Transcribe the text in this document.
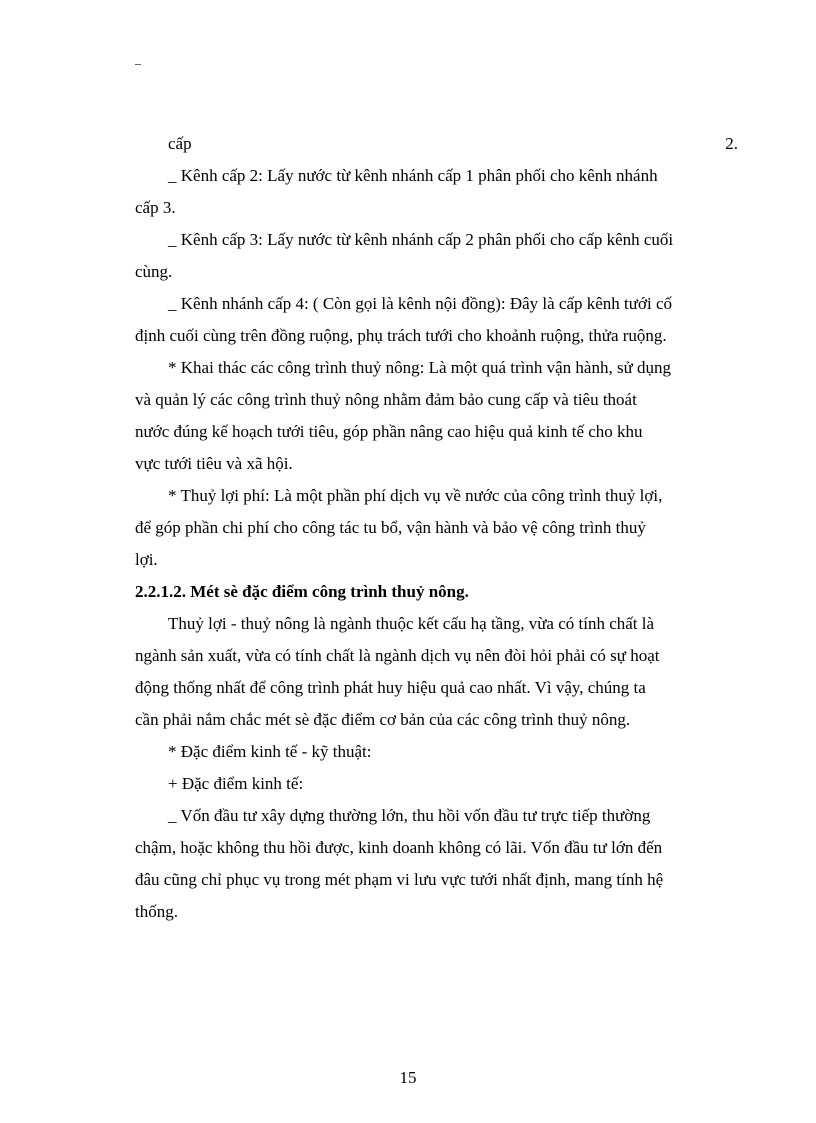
_
cấp	2.
_ Kênh cấp 2: Lấy nước từ kênh nhánh cấp 1 phân phối cho kênh nhánh
cấp 3.
_ Kênh cấp 3: Lấy nước từ kênh nhánh cấp 2 phân phối cho cấp kênh cuối
cùng.
_ Kênh nhánh cấp 4: ( Còn gọi là kênh nội đồng): Đây là cấp kênh tưới cố
định cuối cùng trên đồng ruộng, phụ trách tưới cho khoảnh ruộng, thửa ruộng.
* Khai thác các công trình thuỷ nông: Là một quá trình vận hành, sử dụng
và quản lý các công trình thuỷ nông nhằm đảm bảo cung cấp và tiêu thoát
nước đúng kế hoạch tưới tiêu, góp phần nâng cao hiệu quả kinh tế cho khu
vực tưới tiêu và xã hội.
* Thuỷ lợi phí: Là một phần phí dịch vụ về nước của công trình thuỷ lợi,
để góp phần chi phí cho công tác tu bổ, vận hành và bảo vệ công trình thuỷ
lợi.
2.2.1.2. Mét sè đặc điểm công trình thuỷ nông.
Thuỷ lợi - thuỷ nông là ngành thuộc kết cấu hạ tầng, vừa có tính chất là
ngành sản xuất, vừa có tính chất là ngành dịch vụ nên đòi hỏi phải có sự hoạt
động thống nhất để công trình phát huy hiệu quả cao nhất. Vì vậy, chúng ta
cần phải nắm chắc mét sè đặc điểm cơ bản của các công trình thuỷ nông.
* Đặc điểm kinh tế - kỹ thuật:
+ Đặc điểm kinh tế:
_ Vốn đầu tư xây dựng thường lớn, thu hồi vốn đầu tư trực tiếp thường
chậm, hoặc không thu hồi được, kinh doanh không có lãi. Vốn đầu tư lớn đến
đâu cũng chỉ phục vụ trong mét phạm vi lưu vực tưới nhất định, mang tính hệ
thống.
15
